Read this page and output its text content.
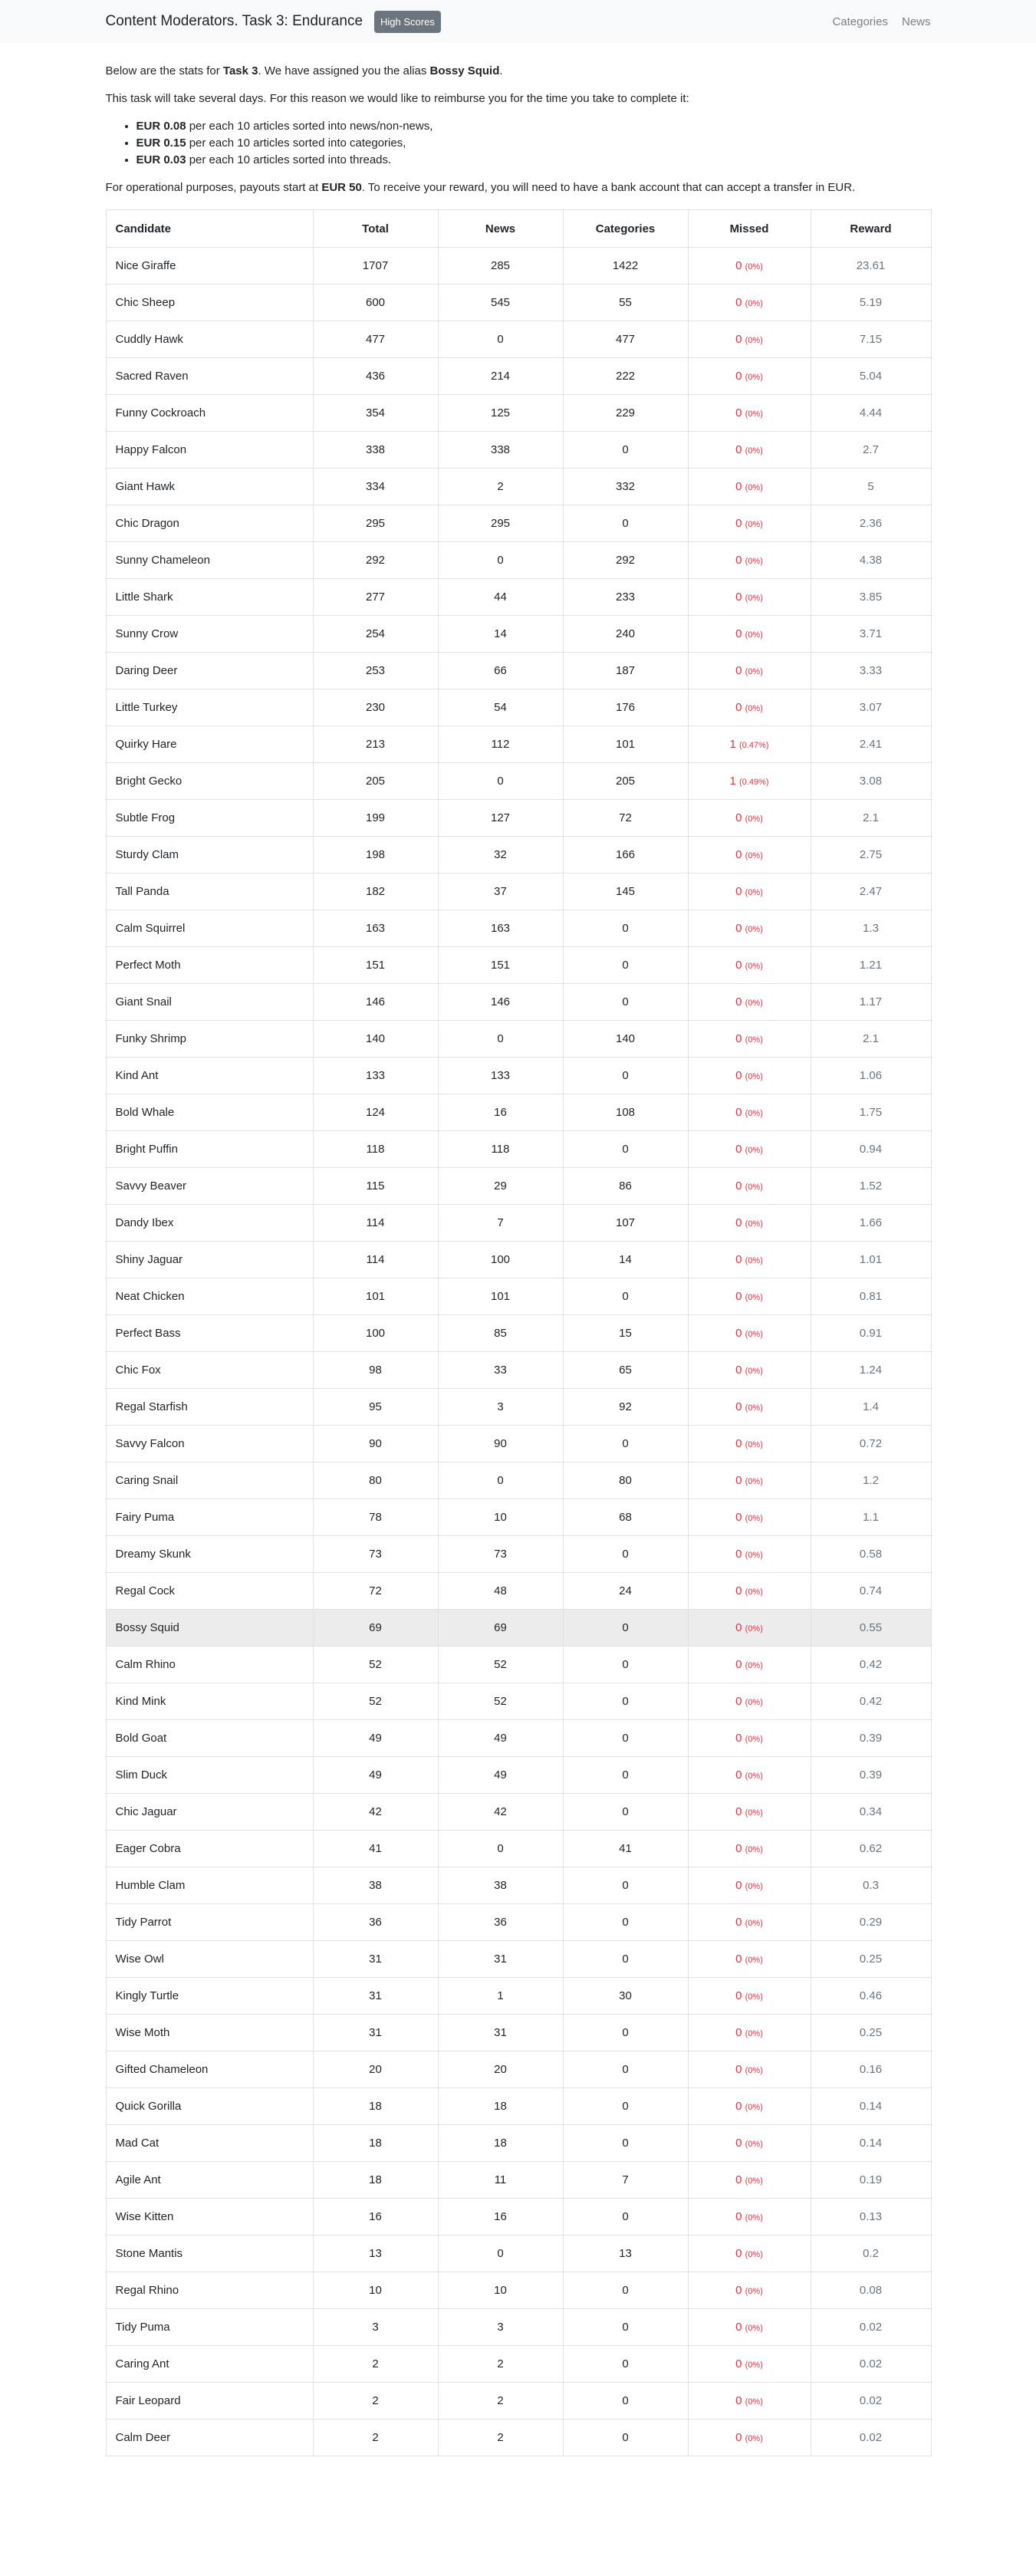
Content Moderators. Task 3: Endurance	High Scores	Categories News

Below are the stats for Task 3. We have assigned you the alias Bossy Squid.

This task will take several days. For this reason we would like to reimburse you for the time you take to complete it:

• EUR 0.08 per each 10 articles sorted into news/non-news,
• EUR 0.15 per each 10 articles sorted into categories,
• EUR 0.03 per each 10 articles sorted into threads.

For operational purposes, payouts start at EUR 50. To receive your reward, you will need to have a bank account that can accept a transfer in EUR.

Candidate	Total	News	Categories	Missed	Reward
Nice Giraffe	1707	285	1422	0 (0%)	23.61
Chic Sheep	600	545	55	0 (0%)	5.19
Cuddly Hawk	477	0	477	0 (0%)	7.15
Sacred Raven	436	214	222	0 (0%)	5.04
Funny Cockroach	354	125	229	0 (0%)	4.44
Happy Falcon	338	338	0	0 (0%)	2.7
Giant Hawk	334	2	332	0 (0%)	5
Chic Dragon	295	295	0	0 (0%)	2.36
Sunny Chameleon	292	0	292	0 (0%)	4.38
Little Shark	277	44	233	0 (0%)	3.85
Sunny Crow	254	14	240	0 (0%)	3.71
Daring Deer	253	66	187	0 (0%)	3.33
Little Turkey	230	54	176	0 (0%)	3.07
Quirky Hare	213	112	101	1 (0.47%)	2.41
Bright Gecko	205	0	205	1 (0.49%)	3.08
Subtle Frog	199	127	72	0 (0%)	2.1
Sturdy Clam	198	32	166	0 (0%)	2.75
Tall Panda	182	37	145	0 (0%)	2.47
Calm Squirrel	163	163	0	0 (0%)	1.3
Perfect Moth	151	151	0	0 (0%)	1.21
Giant Snail	146	146	0	0 (0%)	1.17
Funky Shrimp	140	0	140	0 (0%)	2.1
Kind Ant	133	133	0	0 (0%)	1.06
Bold Whale	124	16	108	0 (0%)	1.75
Bright Puffin	118	118	0	0 (0%)	0.94
Savvy Beaver	115	29	86	0 (0%)	1.52
Dandy Ibex	114	7	107	0 (0%)	1.66
Shiny Jaguar	114	100	14	0 (0%)	1.01
Neat Chicken	101	101	0	0 (0%)	0.81
Perfect Bass	100	85	15	0 (0%)	0.91
Chic Fox	98	33	65	0 (0%)	1.24
Regal Starfish	95	3	92	0 (0%)	1.4
Savvy Falcon	90	90	0	0 (0%)	0.72
Caring Snail	80	0	80	0 (0%)	1.2
Fairy Puma	78	10	68	0 (0%)	1.1
Dreamy Skunk	73	73	0	0 (0%)	0.58
Regal Cock	72	48	24	0 (0%)	0.74
Bossy Squid	69	69	0	0 (0%)	0.55
Calm Rhino	52	52	0	0 (0%)	0.42
Kind Mink	52	52	0	0 (0%)	0.42
Bold Goat	49	49	0	0 (0%)	0.39
Slim Duck	49	49	0	0 (0%)	0.39
Chic Jaguar	42	42	0	0 (0%)	0.34
Eager Cobra	41	0	41	0 (0%)	0.62
Humble Clam	38	38	0	0 (0%)	0.3
Tidy Parrot	36	36	0	0 (0%)	0.29
Wise Owl	31	31	0	0 (0%)	0.25
Kingly Turtle	31	1	30	0 (0%)	0.46
Wise Moth	31	31	0	0 (0%)	0.25
Gifted Chameleon	20	20	0	0 (0%)	0.16
Quick Gorilla	18	18	0	0 (0%)	0.14
Mad Cat	18	18	0	0 (0%)	0.14
Agile Ant	18	11	7	0 (0%)	0.19
Wise Kitten	16	16	0	0 (0%)	0.13
Stone Mantis	13	0	13	0 (0%)	0.2
Regal Rhino	10	10	0	0 (0%)	0.08
Tidy Puma	3	3	0	0 (0%)	0.02
Caring Ant	2	2	0	0 (0%)	0.02
Fair Leopard	2	2	0	0 (0%)	0.02
Calm Deer	2	2	0	0 (0%)	0.02
